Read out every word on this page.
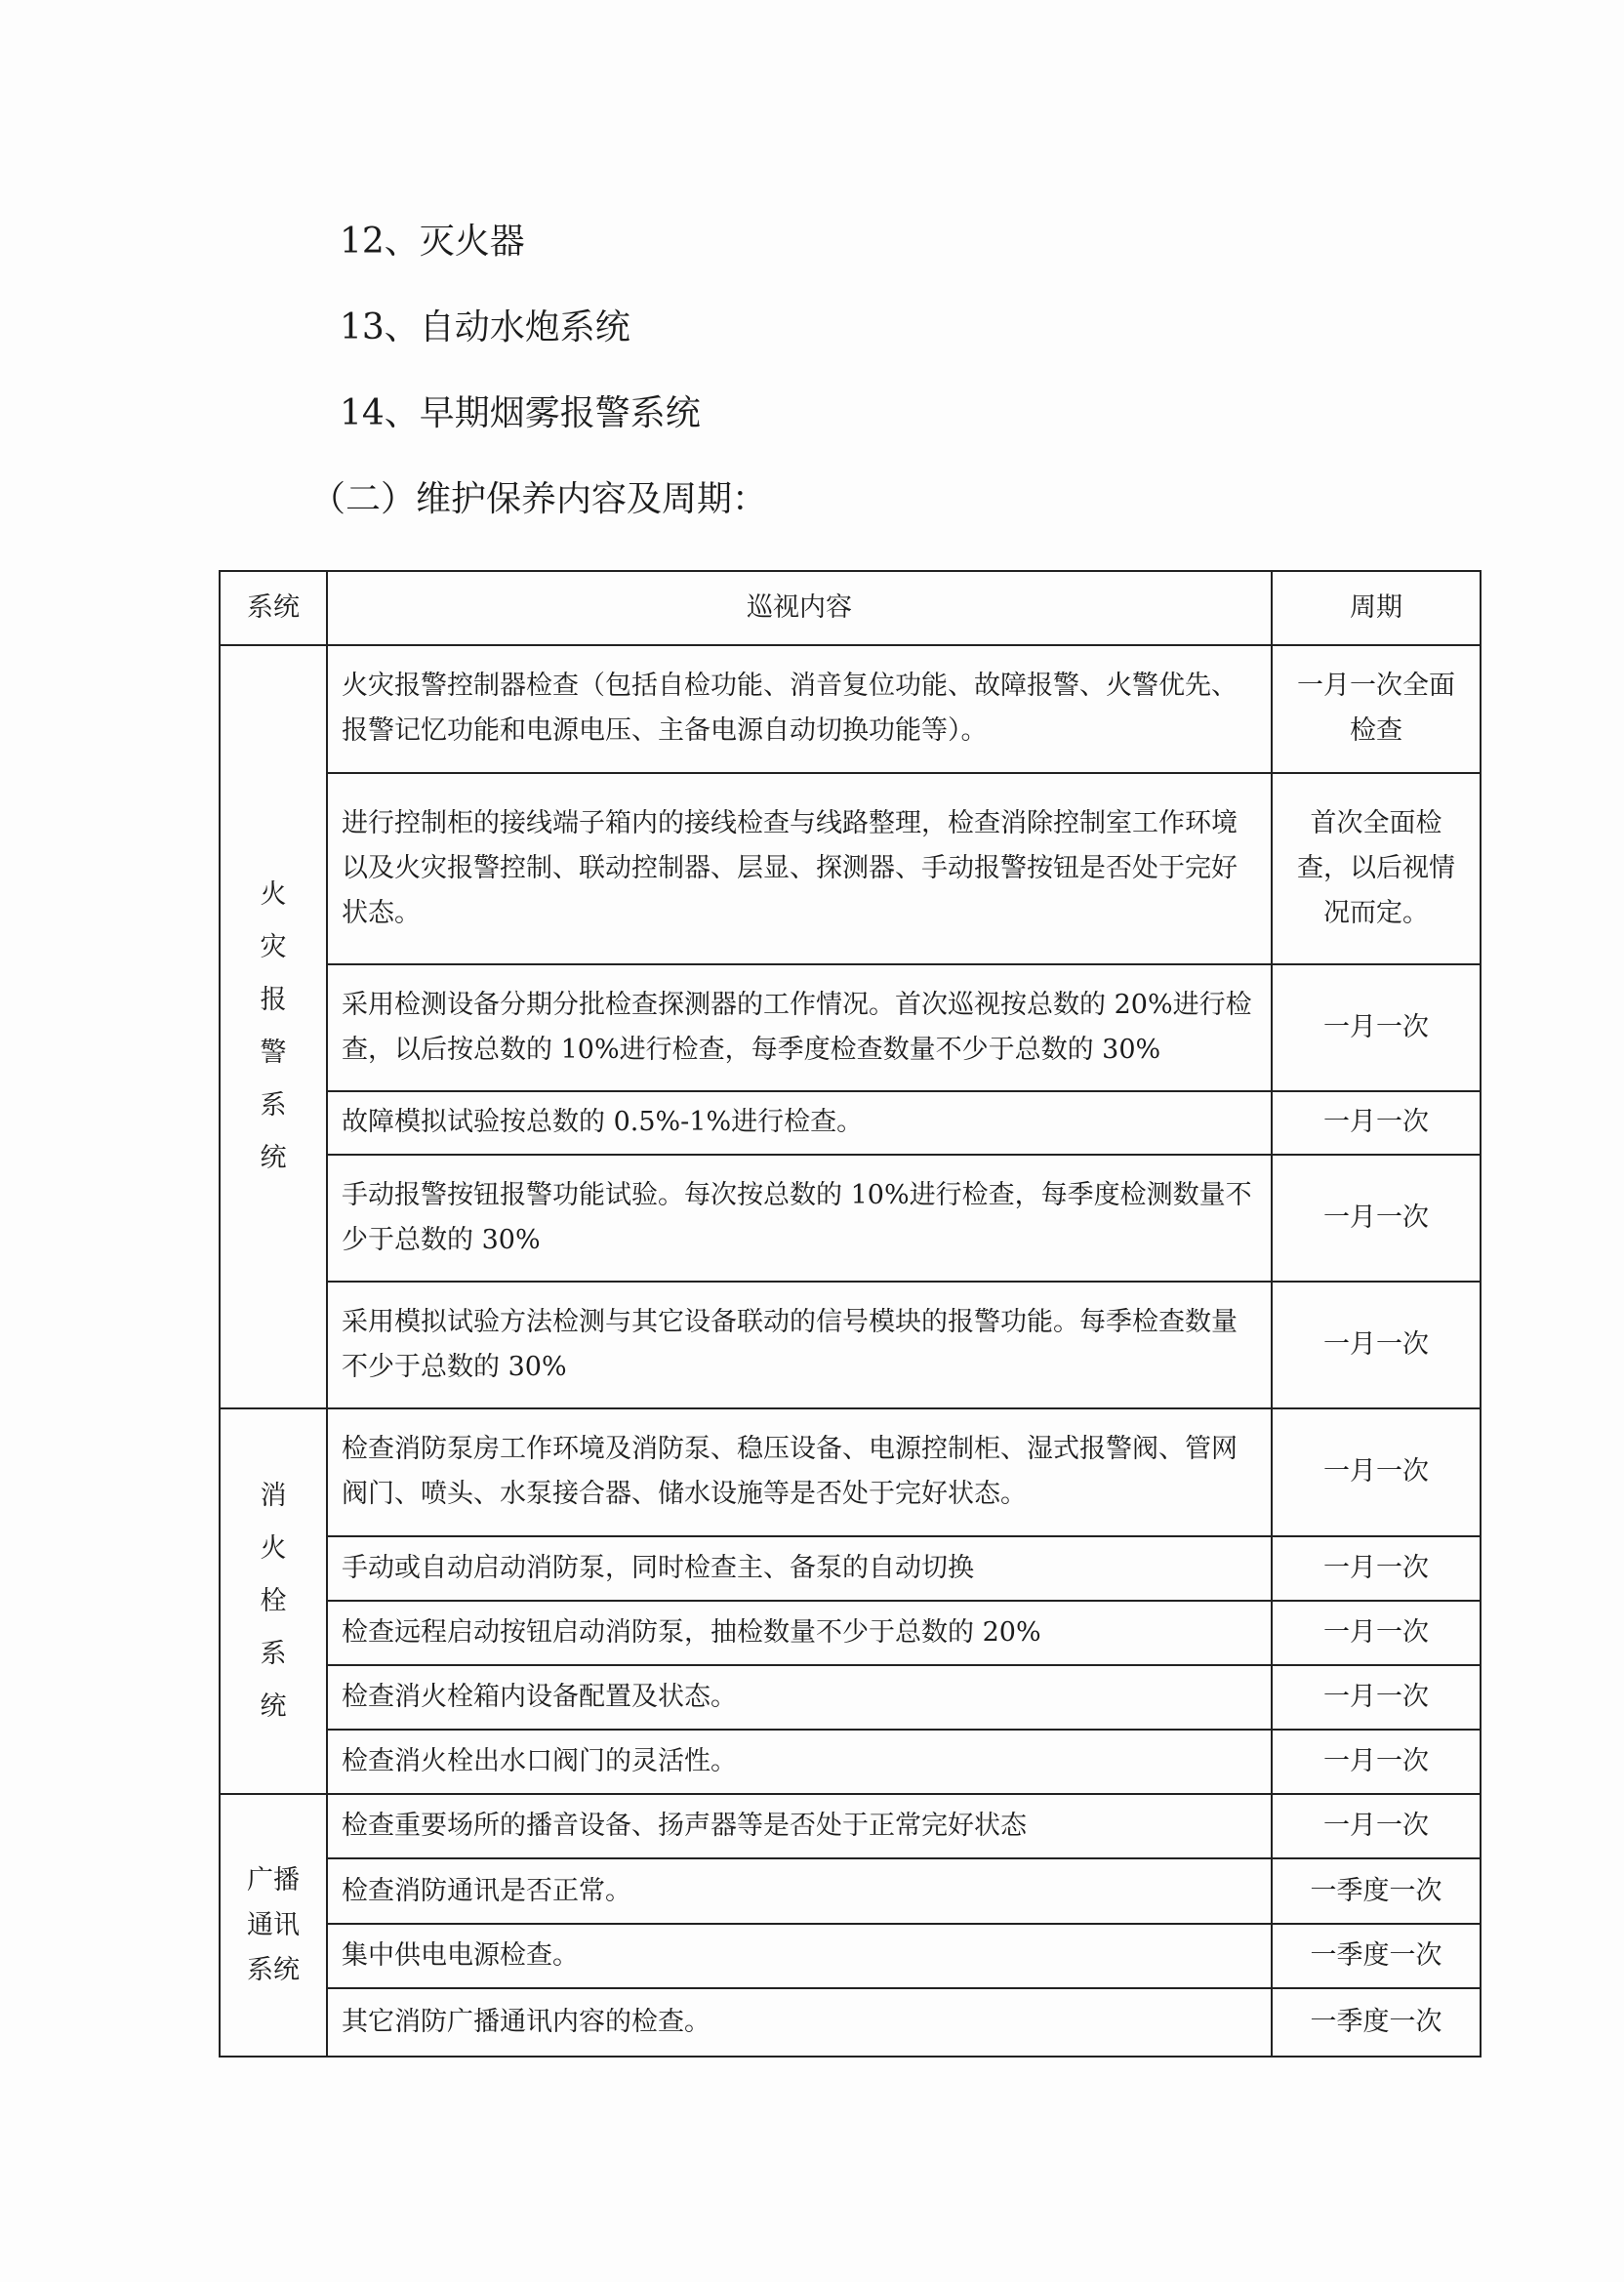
12、灭火器
13、自动水炮系统
14、早期烟雾报警系统
（二）维护保养内容及周期：
系统	巡视内容	周期
火灾报警系统	火灾报警控制器检查（包括自检功能、消音复位功能、故障报警、火警优先、报警记忆功能和电源电压、主备电源自动切换功能等）。	一月一次全面检查
	进行控制柜的接线端子箱内的接线检查与线路整理，检查消除控制室工作环境以及火灾报警控制、联动控制器、层显、探测器、手动报警按钮是否处于完好状态。	首次全面检查，以后视情况而定。
	采用检测设备分期分批检查探测器的工作情况。首次巡视按总数的 20%进行检查，以后按总数的 10%进行检查，每季度检查数量不少于总数的 30%	一月一次
	故障模拟试验按总数的 0.5%-1%进行检查。	一月一次
	手动报警按钮报警功能试验。每次按总数的 10%进行检查，每季度检测数量不少于总数的 30%	一月一次
	采用模拟试验方法检测与其它设备联动的信号模块的报警功能。每季检查数量不少于总数的 30%	一月一次
消火栓系统	检查消防泵房工作环境及消防泵、稳压设备、电源控制柜、湿式报警阀、管网阀门、喷头、水泵接合器、储水设施等是否处于完好状态。	一月一次
	手动或自动启动消防泵，同时检查主、备泵的自动切换	一月一次
	检查远程启动按钮启动消防泵，抽检数量不少于总数的 20%	一月一次
	检查消火栓箱内设备配置及状态。	一月一次
	检查消火栓出水口阀门的灵活性。	一月一次
广播通讯系统	检查重要场所的播音设备、扬声器等是否处于正常完好状态	一月一次
	检查消防通讯是否正常。	一季度一次
	集中供电电源检查。	一季度一次
	其它消防广播通讯内容的检查。	一季度一次
